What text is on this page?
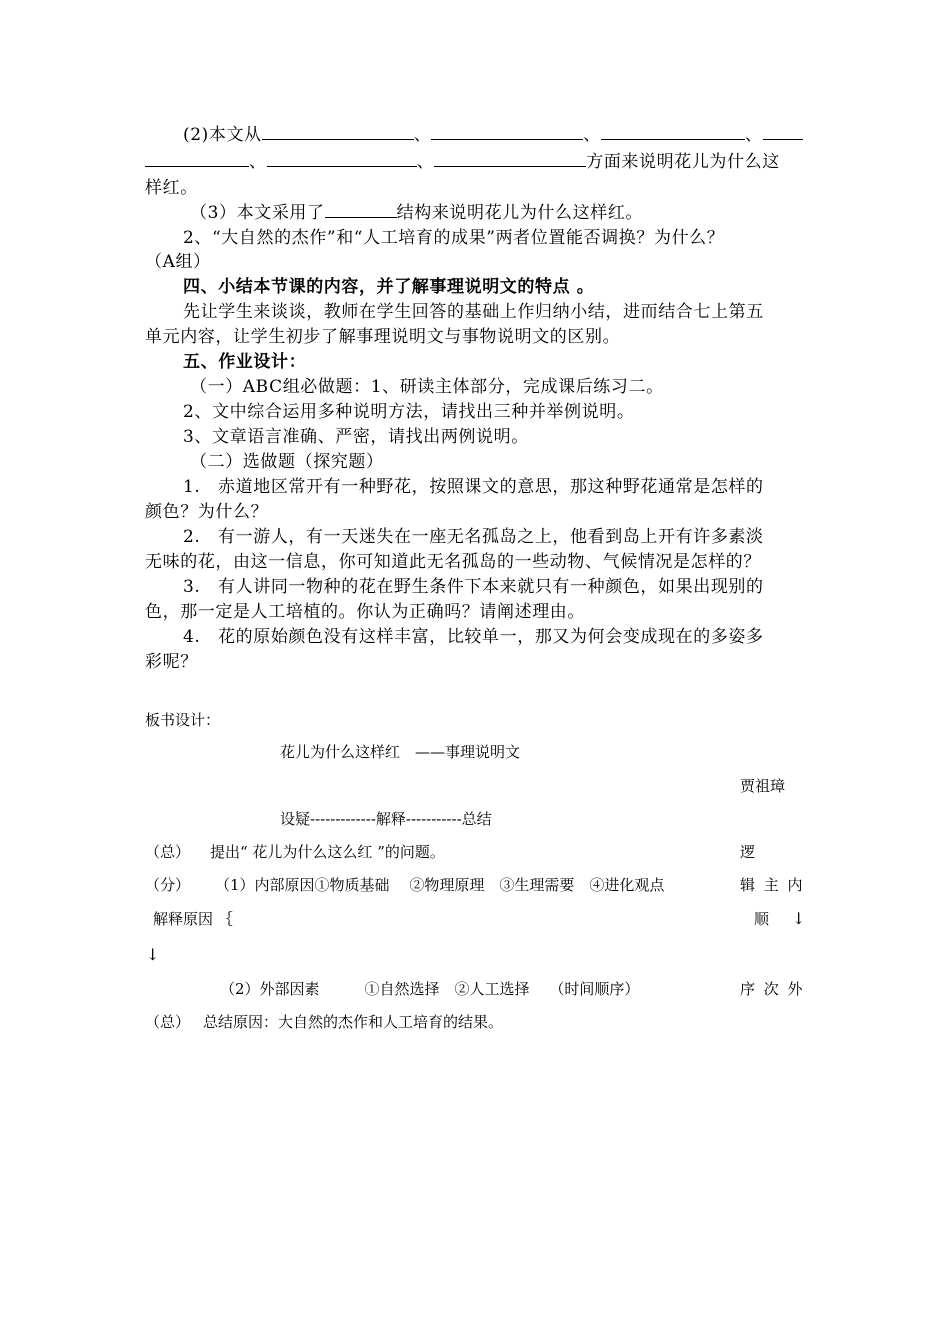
(2)本文从	、	、	、
、	、	方面来说明花儿为什么这
样红。
（3）本文采用了	结构来说明花儿为什么这样红。
2、“大自然的杰作”和“人工培育的成果”两者位置能否调换？为什么？
（A组）
四、小结本节课的内容，并了解事理说明文的特点 。
先让学生来谈谈，教师在学生回答的基础上作归纳小结，进而结合七上第五
单元内容，让学生初步了解事理说明文与事物说明文的区别。
五、作业设计：
（一）ABC组必做题：1、研读主体部分，完成课后练习二。
2、文中综合运用多种说明方法，请找出三种并举例说明。
3、文章语言准确、严密，请找出两例说明。
（二）选做题（探究题）
1.　赤道地区常开有一种野花，按照课文的意思，那这种野花通常是怎样的
颜色？为什么？
2.　有一游人，有一天迷失在一座无名孤岛之上，他看到岛上开有许多素淡
无味的花，由这一信息，你可知道此无名孤岛的一些动物、气候情况是怎样的？
3.　有人讲同一物种的花在野生条件下本来就只有一种颜色，如果出现别的
色，那一定是人工培植的。你认为正确吗？请阐述理由。
4.　花的原始颜色没有这样丰富，比较单一，那又为何会变成现在的多姿多
彩呢？
板书设计：
花儿为什么这样红　——事理说明文
贾祖璋
设疑-------------解释-----------总结
（总） 提出“ 花儿为什么这么红 ”的问题。	逻
（分） （1）内部原因①物质基础　 ②物理原理　③生理需要　④进化观点	辑 主 内
解释原因 ｛	顺 ↓
↓
（2）外部因素　　　①自然选择　②人工选择　 （时间顺序）	序 次 外
（总） 总结原因：大自然的杰作和人工培育的结果。
